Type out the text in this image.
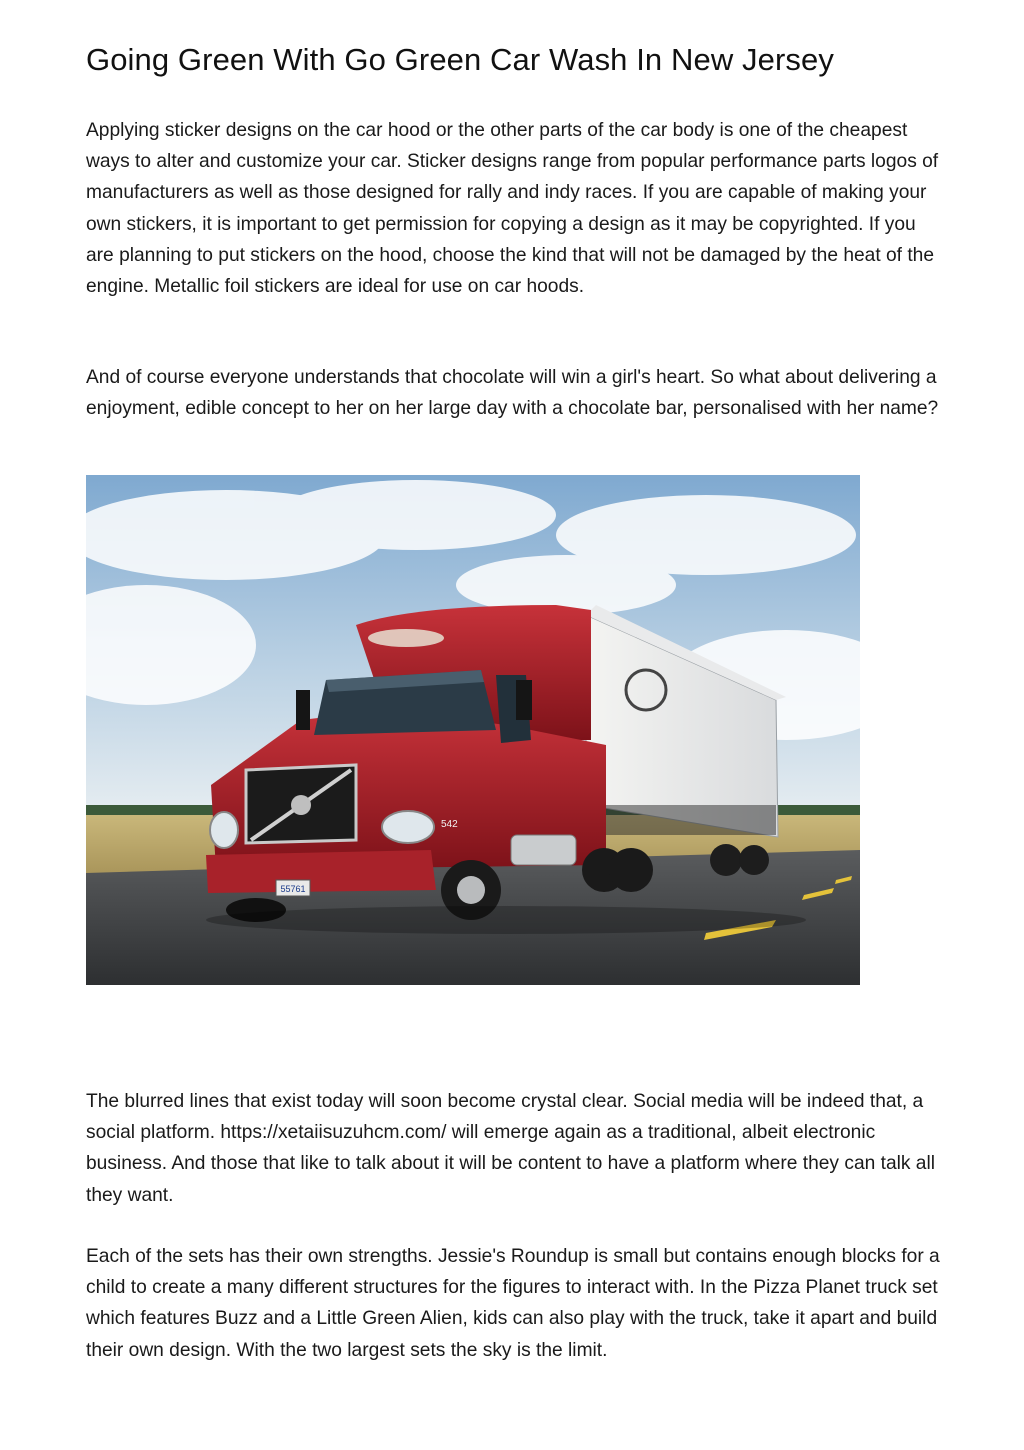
Going Green With Go Green Car Wash In New Jersey

Applying sticker designs on the car hood or the other parts of the car body is one of the cheapest ways to alter and customize your car. Sticker designs range from popular performance parts logos of manufacturers as well as those designed for rally and indy races. If you are capable of making your own stickers, it is important to get permission for copying a design as it may be copyrighted. If you are planning to put stickers on the hood, choose the kind that will not be damaged by the heat of the engine. Metallic foil stickers are ideal for use on car hoods.

And of course everyone understands that chocolate will win a girl's heart. So what about delivering a enjoyment, edible concept to her on her large day with a chocolate bar, personalised with her name?

55761
542

The blurred lines that exist today will soon become crystal clear. Social media will be indeed that, a social platform. https://xetaiisuzuhcm.com/ will emerge again as a traditional, albeit electronic business. And those that like to talk about it will be content to have a platform where they can talk all they want.

Each of the sets has their own strengths. Jessie's Roundup is small but contains enough blocks for a child to create a many different structures for the figures to interact with. In the Pizza Planet truck set which features Buzz and a Little Green Alien, kids can also play with the truck, take it apart and build their own design. With the two largest sets the sky is the limit.
